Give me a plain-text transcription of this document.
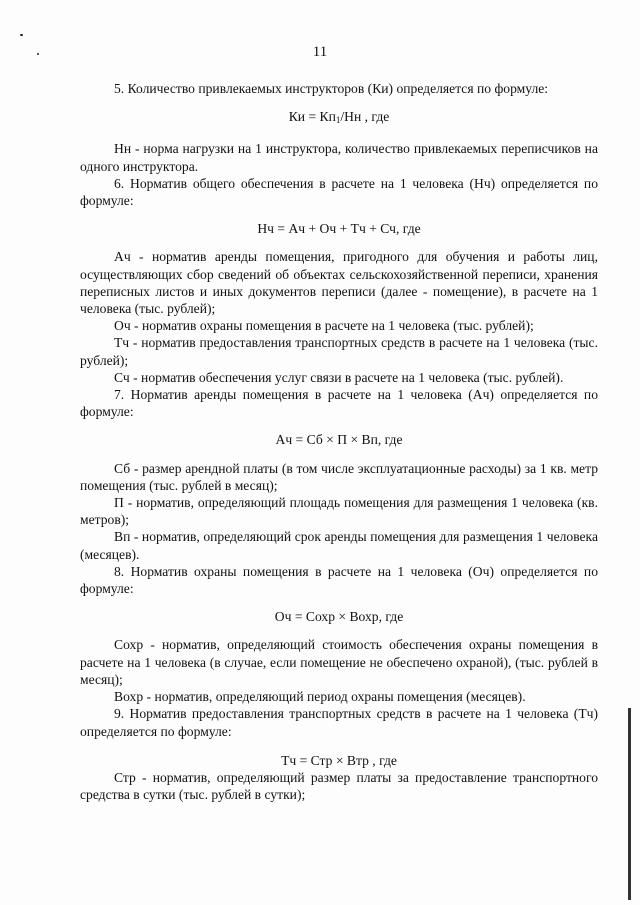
11

5. Количество привлекаемых инструкторов (Ки) определяется по формуле:

Ки = $Кп_1/Нн$ , где

Нн - норма нагрузки на 1 инструктора, количество привлекаемых переписчиков на одного инструктора.

6. Норматив общего обеспечения в расчете на 1 человека (Нч) определяется по формуле:

Нч = Ач + Оч + Тч + Сч, где

Ач - норматив аренды помещения, пригодного для обучения и работы лиц, осуществляющих сбор сведений об объектах сельскохозяйственной переписи, хранения переписных листов и иных документов переписи (далее - помещение), в расчете на 1 человека (тыс. рублей);

Оч - норматив охраны помещения в расчете на 1 человека (тыс. рублей);

Тч - норматив предоставления транспортных средств в расчете на 1 человека (тыс. рублей);

Сч - норматив обеспечения услуг связи в расчете на 1 человека (тыс. рублей).

7. Норматив аренды помещения в расчете на 1 человека (Ач) определяется по формуле:

Ач = Сб × П × Вп, где

Сб - размер арендной платы (в том числе эксплуатационные расходы) за 1 кв. метр помещения (тыс. рублей в месяц);

П - норматив, определяющий площадь помещения для размещения 1 человека (кв. метров);

Вп - норматив, определяющий срок аренды помещения для размещения 1 человека (месяцев).

8. Норматив охраны помещения в расчете на 1 человека (Оч) определяется по формуле:

Оч = Сохр × Вохр, где

Сохр - норматив, определяющий стоимость обеспечения охраны помещения в расчете на 1 человека (в случае, если помещение не обеспечено охраной), (тыс. рублей в месяц);

Вохр - норматив, определяющий период охраны помещения (месяцев).

9. Норматив предоставления транспортных средств в расчете на 1 человека (Тч) определяется по формуле:

Тч = Стр × Втр , где

Стр - норматив, определяющий размер платы за предоставление транспортного средства в сутки (тыс. рублей в сутки);
